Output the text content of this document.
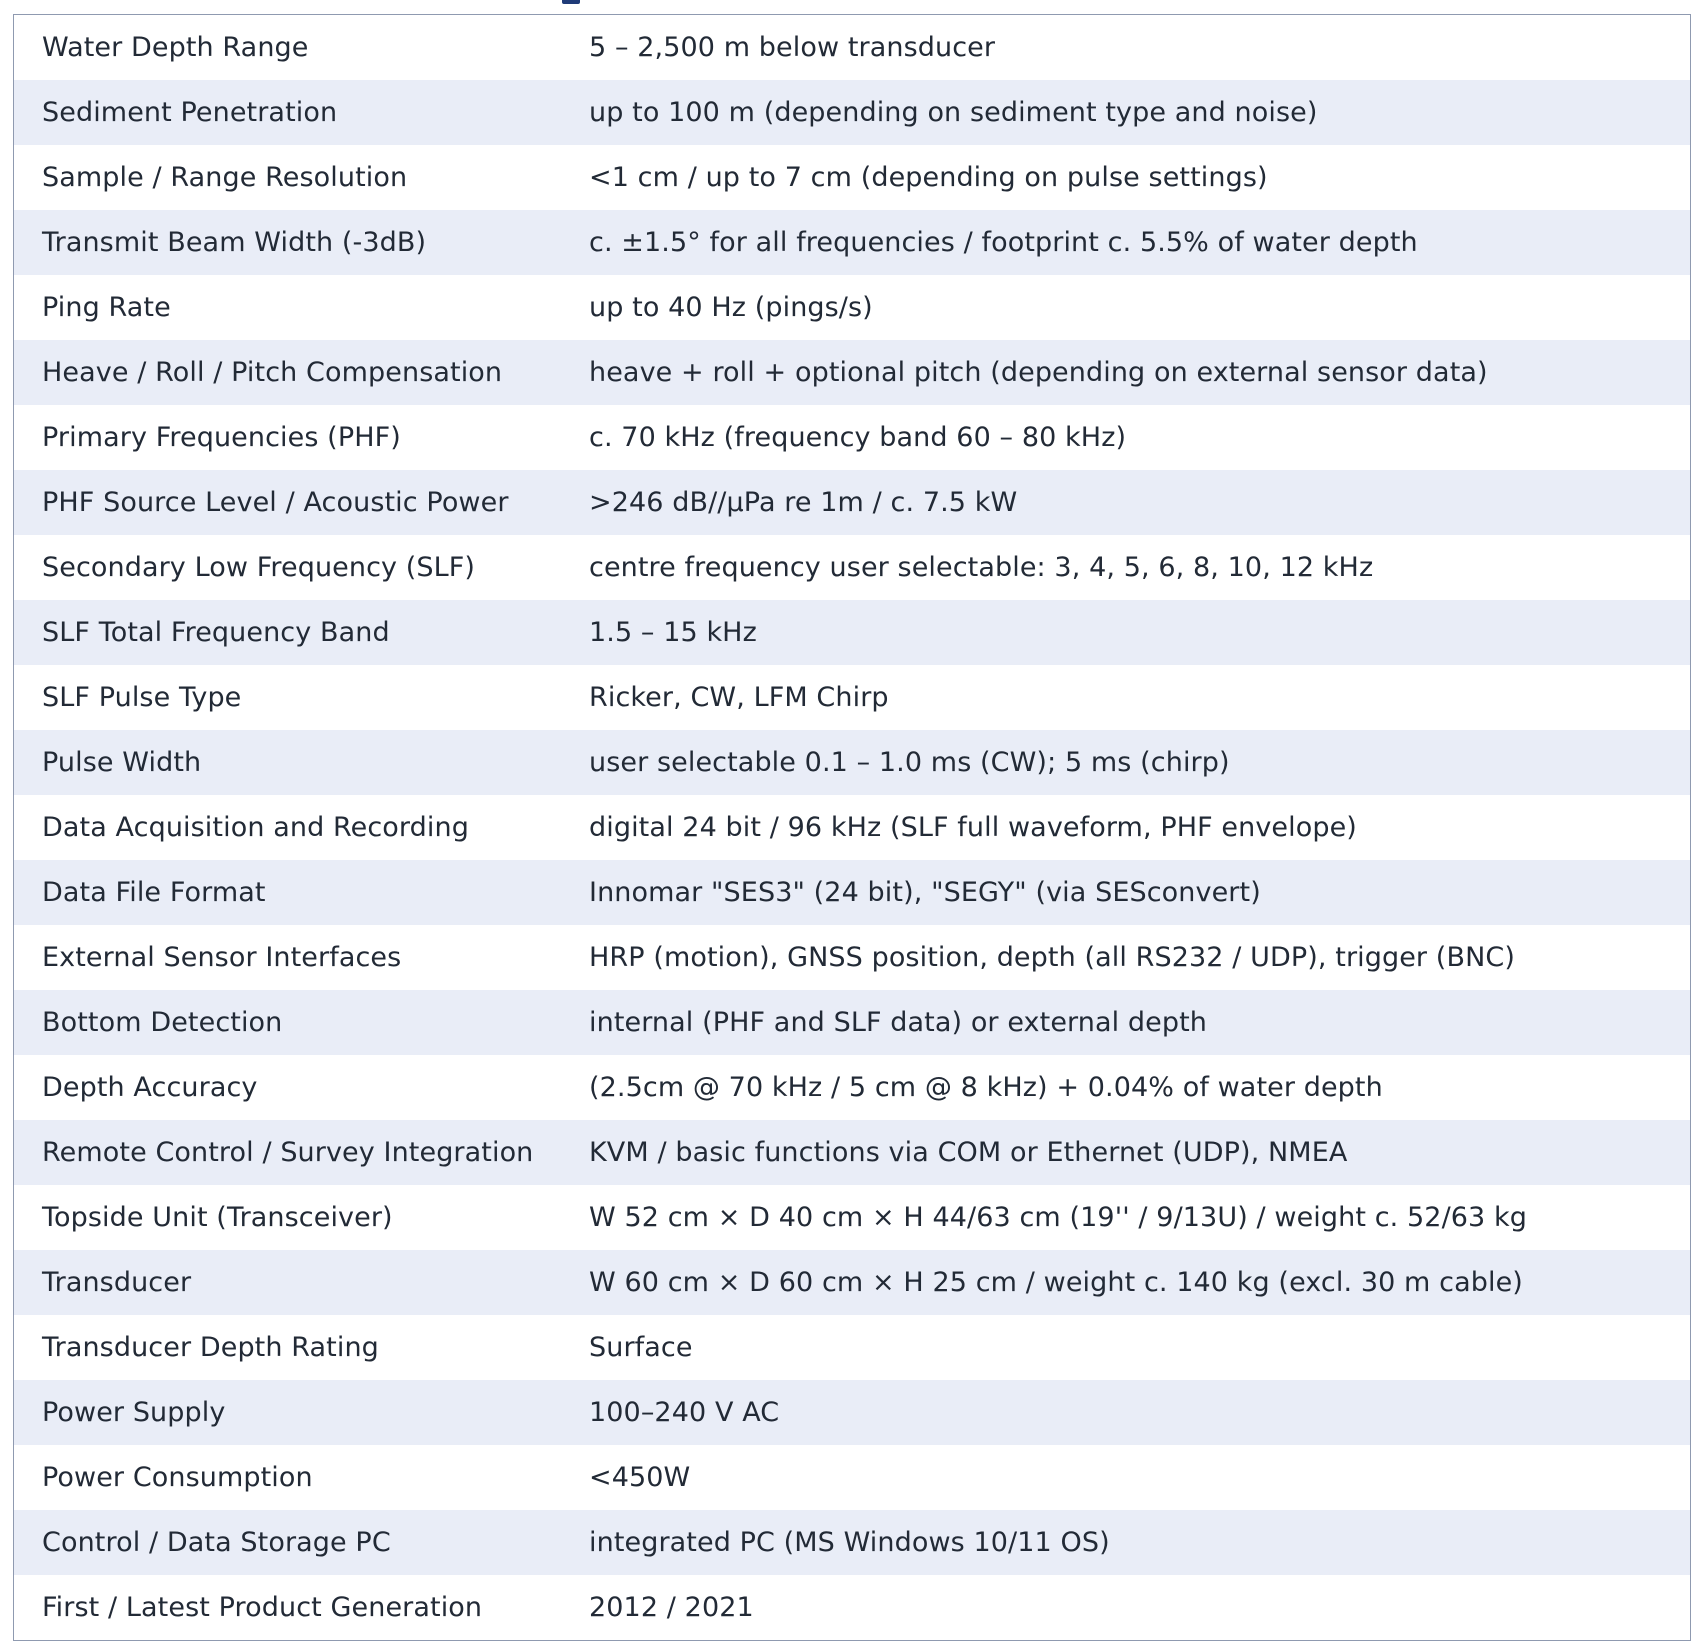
Water Depth Range	5 – 2,500 m below transducer
Sediment Penetration	up to 100 m (depending on sediment type and noise)
Sample / Range Resolution	<1 cm / up to 7 cm (depending on pulse settings)
Transmit Beam Width (-3dB)	c. ±1.5° for all frequencies / footprint c. 5.5% of water depth
Ping Rate	up to 40 Hz (pings/s)
Heave / Roll / Pitch Compensation	heave + roll + optional pitch (depending on external sensor data)
Primary Frequencies (PHF)	c. 70 kHz (frequency band 60 – 80 kHz)
PHF Source Level / Acoustic Power	>246 dB//μPa re 1m / c. 7.5 kW
Secondary Low Frequency (SLF)	centre frequency user selectable: 3, 4, 5, 6, 8, 10, 12 kHz
SLF Total Frequency Band	1.5 – 15 kHz
SLF Pulse Type	Ricker, CW, LFM Chirp
Pulse Width	user selectable 0.1 – 1.0 ms (CW); 5 ms (chirp)
Data Acquisition and Recording	digital 24 bit / 96 kHz (SLF full waveform, PHF envelope)
Data File Format	Innomar "SES3" (24 bit), "SEGY" (via SESconvert)
External Sensor Interfaces	HRP (motion), GNSS position, depth (all RS232 / UDP), trigger (BNC)
Bottom Detection	internal (PHF and SLF data) or external depth
Depth Accuracy	(2.5cm @ 70 kHz / 5 cm @ 8 kHz) + 0.04% of water depth
Remote Control / Survey Integration	KVM / basic functions via COM or Ethernet (UDP), NMEA
Topside Unit (Transceiver)	W 52 cm × D 40 cm × H 44/63 cm (19'' / 9/13U) / weight c. 52/63 kg
Transducer	W 60 cm × D 60 cm × H 25 cm / weight c. 140 kg (excl. 30 m cable)
Transducer Depth Rating	Surface
Power Supply	100–240 V AC
Power Consumption	<450W
Control / Data Storage PC	integrated PC (MS Windows 10/11 OS)
First / Latest Product Generation	2012 / 2021
